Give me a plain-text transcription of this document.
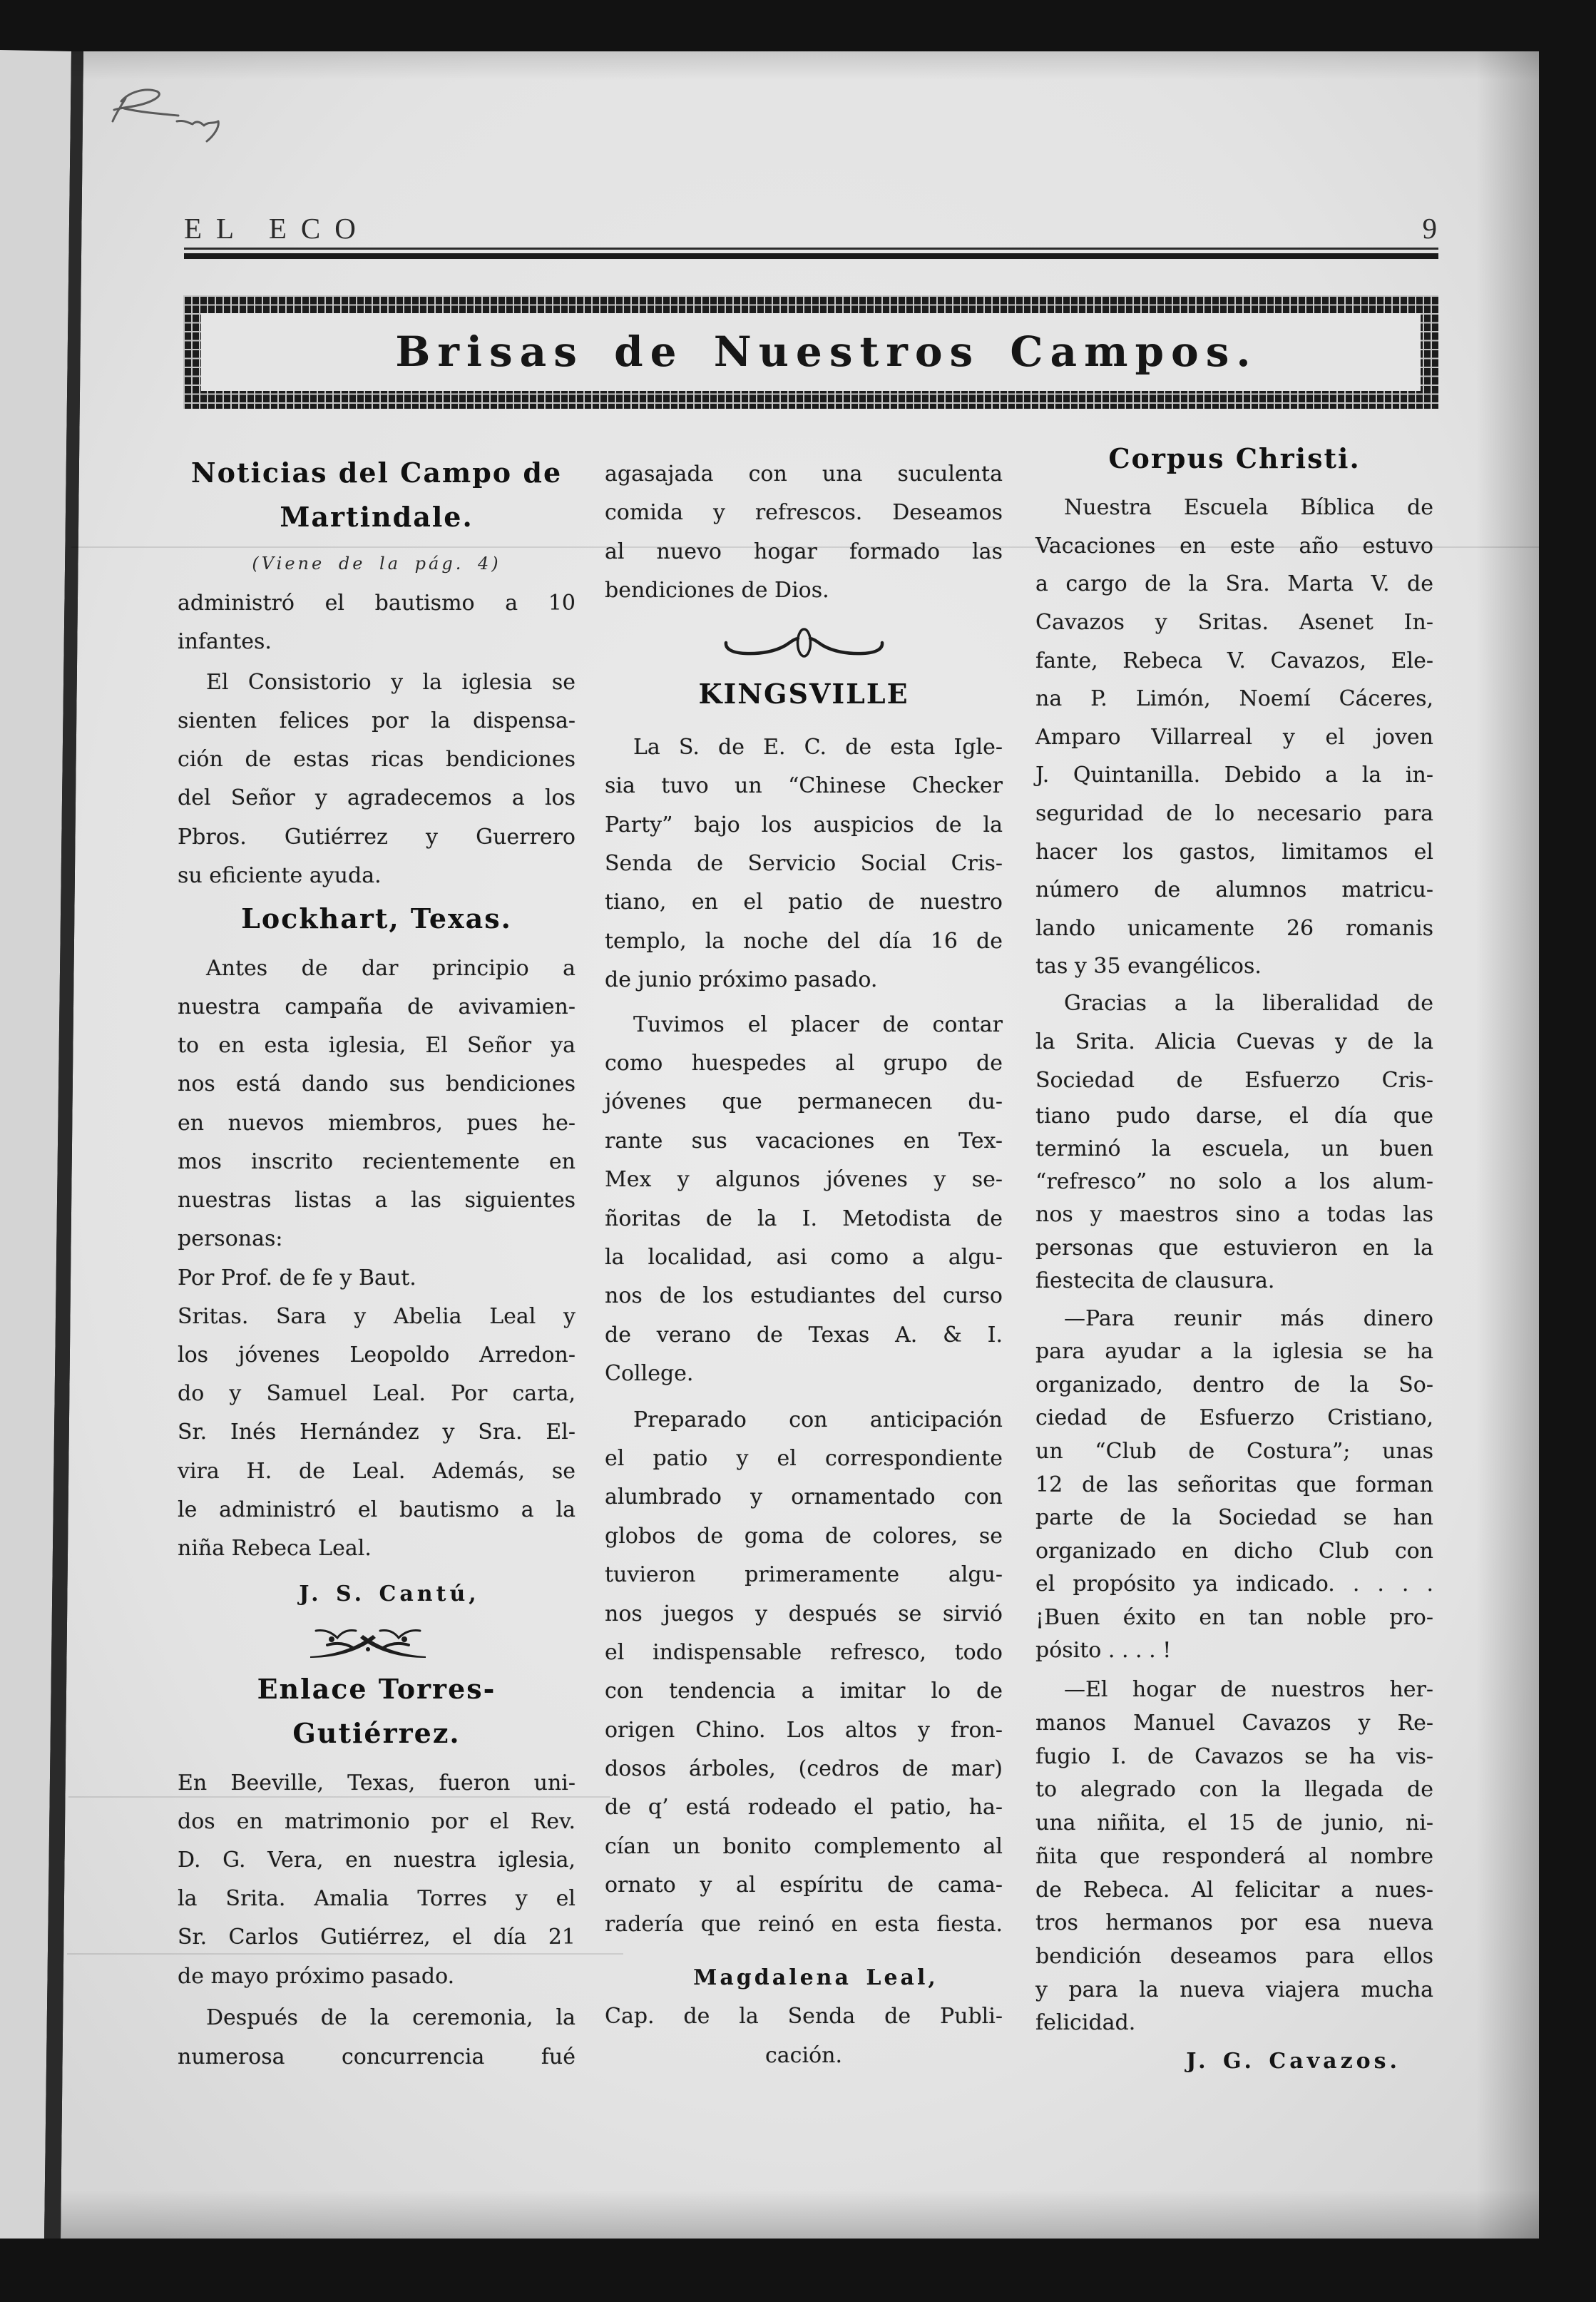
EL ECO	9
Brisas de Nuestros Campos.
Noticias del Campo de
Martindale.
(Viene de la pág. 4)
administró el bautismo a 10
infantes.
El Consistorio y la iglesia se
sienten felices por la dispensa-
ción de estas ricas bendiciones
del Señor y agradecemos a los
Pbros. Gutiérrez y Guerrero
su eficiente ayuda.
Lockhart, Texas.
Antes de dar principio a
nuestra campaña de avivamien-
to en esta iglesia, El Señor ya
nos está dando sus bendiciones
en nuevos miembros, pues he-
mos inscrito recientemente en
nuestras listas a las siguientes
personas:
Por Prof. de fe y Baut.
Sritas. Sara y Abelia Leal y
los jóvenes Leopoldo Arredon-
do y Samuel Leal. Por carta,
Sr. Inés Hernández y Sra. El-
vira H. de Leal. Además, se
le administró el bautismo a la
niña Rebeca Leal.
J. S. Cantú,
Enlace Torres-
Gutiérrez.
En Beeville, Texas, fueron uni-
dos en matrimonio por el Rev.
D. G. Vera, en nuestra iglesia,
la Srita. Amalia Torres y el
Sr. Carlos Gutiérrez, el día 21
de mayo próximo pasado.
Después de la ceremonia, la
numerosa concurrencia fué
agasajada con una suculenta
comida y refrescos. Deseamos
al nuevo hogar formado las
bendiciones de Dios.
KINGSVILLE
La S. de E. C. de esta Igle-
sia tuvo un “Chinese Checker
Party” bajo los auspicios de la
Senda de Servicio Social Cris-
tiano, en el patio de nuestro
templo, la noche del día 16 de
de junio próximo pasado.
Tuvimos el placer de contar
como huespedes al grupo de
jóvenes que permanecen du-
rante sus vacaciones en Tex-
Mex y algunos jóvenes y se-
ñoritas de la I. Metodista de
la localidad, asi como a algu-
nos de los estudiantes del curso
de verano de Texas A. & I.
College.
Preparado con anticipación
el patio y el correspondiente
alumbrado y ornamentado con
globos de goma de colores, se
tuvieron primeramente algu-
nos juegos y después se sirvió
el indispensable refresco, todo
con tendencia a imitar lo de
origen Chino. Los altos y fron-
dosos árboles, (cedros de mar)
de q’ está rodeado el patio, ha-
cían un bonito complemento al
ornato y al espíritu de cama-
radería que reinó en esta fiesta.
Magdalena Leal,
Cap. de la Senda de Publi-
cación.
Corpus Christi.
Nuestra Escuela Bíblica de
Vacaciones en este año estuvo
a cargo de la Sra. Marta V. de
Cavazos y Sritas. Asenet In-
fante, Rebeca V. Cavazos, Ele-
na P. Limón, Noemí Cáceres,
Amparo Villarreal y el joven
J. Quintanilla. Debido a la in-
seguridad de lo necesario para
hacer los gastos, limitamos el
número de alumnos matricu-
lando unicamente 26 romanis
tas y 35 evangélicos.
Gracias a la liberalidad de
la Srita. Alicia Cuevas y de la
Sociedad de Esfuerzo Cris-
tiano pudo darse, el día que
terminó la escuela, un buen
“refresco” no solo a los alum-
nos y maestros sino a todas las
personas que estuvieron en la
fiestecita de clausura.
—Para reunir más dinero
para ayudar a la iglesia se ha
organizado, dentro de la So-
ciedad de Esfuerzo Cristiano,
un “Club de Costura”; unas
12 de las señoritas que forman
parte de la Sociedad se han
organizado en dicho Club con
el propósito ya indicado. . . . .
¡Buen éxito en tan noble pro-
pósito . . . . !
—El hogar de nuestros her-
manos Manuel Cavazos y Re-
fugio I. de Cavazos se ha vis-
to alegrado con la llegada de
una niñita, el 15 de junio, ni-
ñita que responderá al nombre
de Rebeca. Al felicitar a nues-
tros hermanos por esa nueva
bendición deseamos para ellos
y para la nueva viajera mucha
felicidad.
J. G. Cavazos.
